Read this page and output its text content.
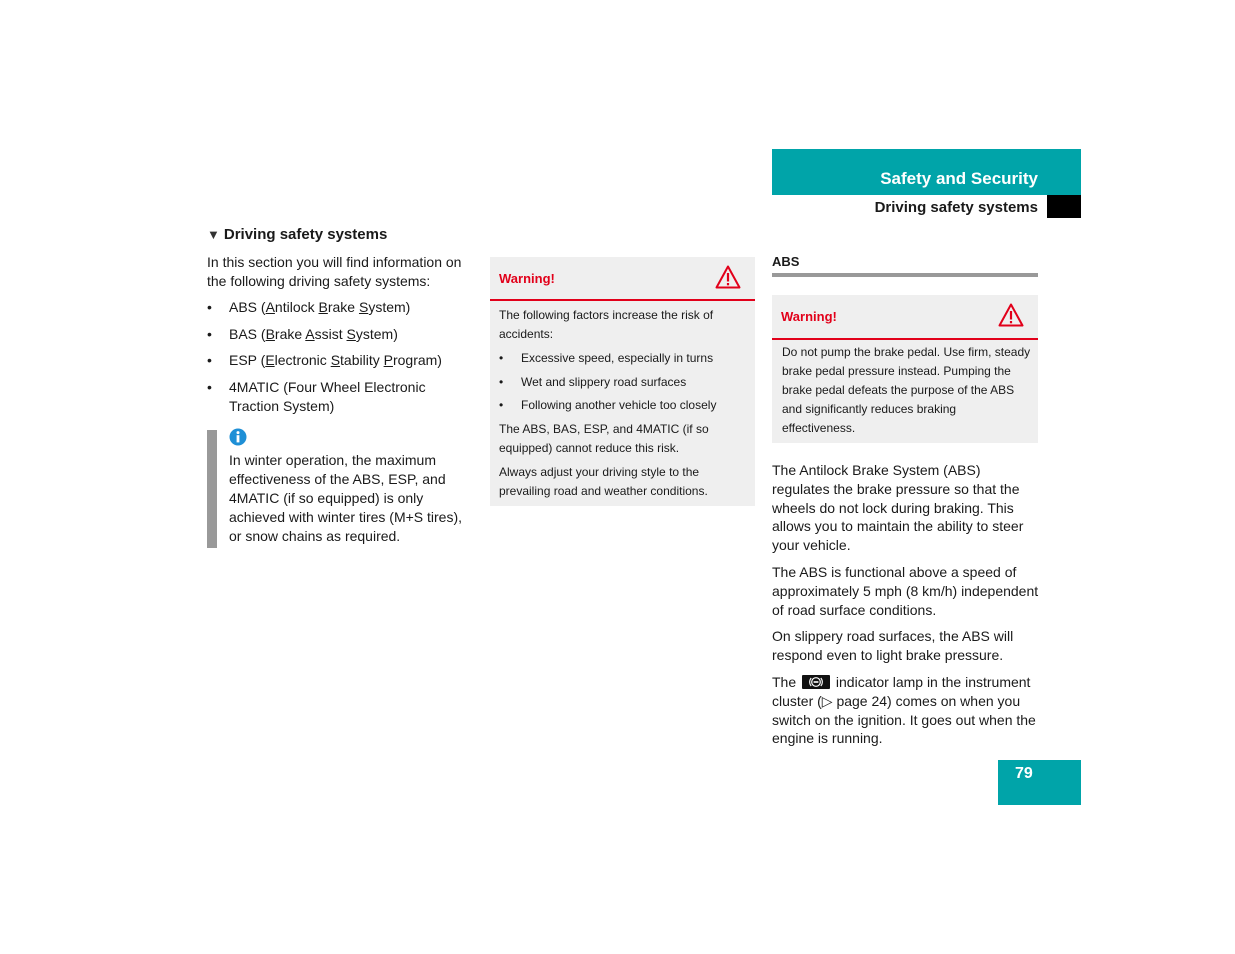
Safety and Security
Driving safety systems
▼ Driving safety systems
In this section you will find information on the following driving safety systems:
• ABS (Antilock Brake System)
• BAS (Brake Assist System)
• ESP (Electronic Stability Program)
• 4MATIC (Four Wheel Electronic Traction System)
In winter operation, the maximum effectiveness of the ABS, ESP, and 4MATIC (if so equipped) is only achieved with winter tires (M+S tires), or snow chains as required.
Warning!

The following factors increase the risk of accidents:

• Excessive speed, especially in turns
• Wet and slippery road surfaces
• Following another vehicle too closely

The ABS, BAS, ESP, and 4MATIC (if so equipped) cannot reduce this risk.

Always adjust your driving style to the prevailing road and weather conditions.

ABS
Warning!
Do not pump the brake pedal. Use firm, steady brake pedal pressure instead. Pumping the brake pedal defeats the purpose of the ABS and significantly reduces braking effectiveness.

The Antilock Brake System (ABS) regulates the brake pressure so that the wheels do not lock during braking. This allows you to maintain the ability to steer your vehicle.

The ABS is functional above a speed of approximately 5 mph (8 km/h) independent of road surface conditions.

On slippery road surfaces, the ABS will respond even to light brake pressure.

The	indicator lamp in the instrument cluster (▷ page 24) comes on when you switch on the ignition. It goes out when the engine is running.

79
